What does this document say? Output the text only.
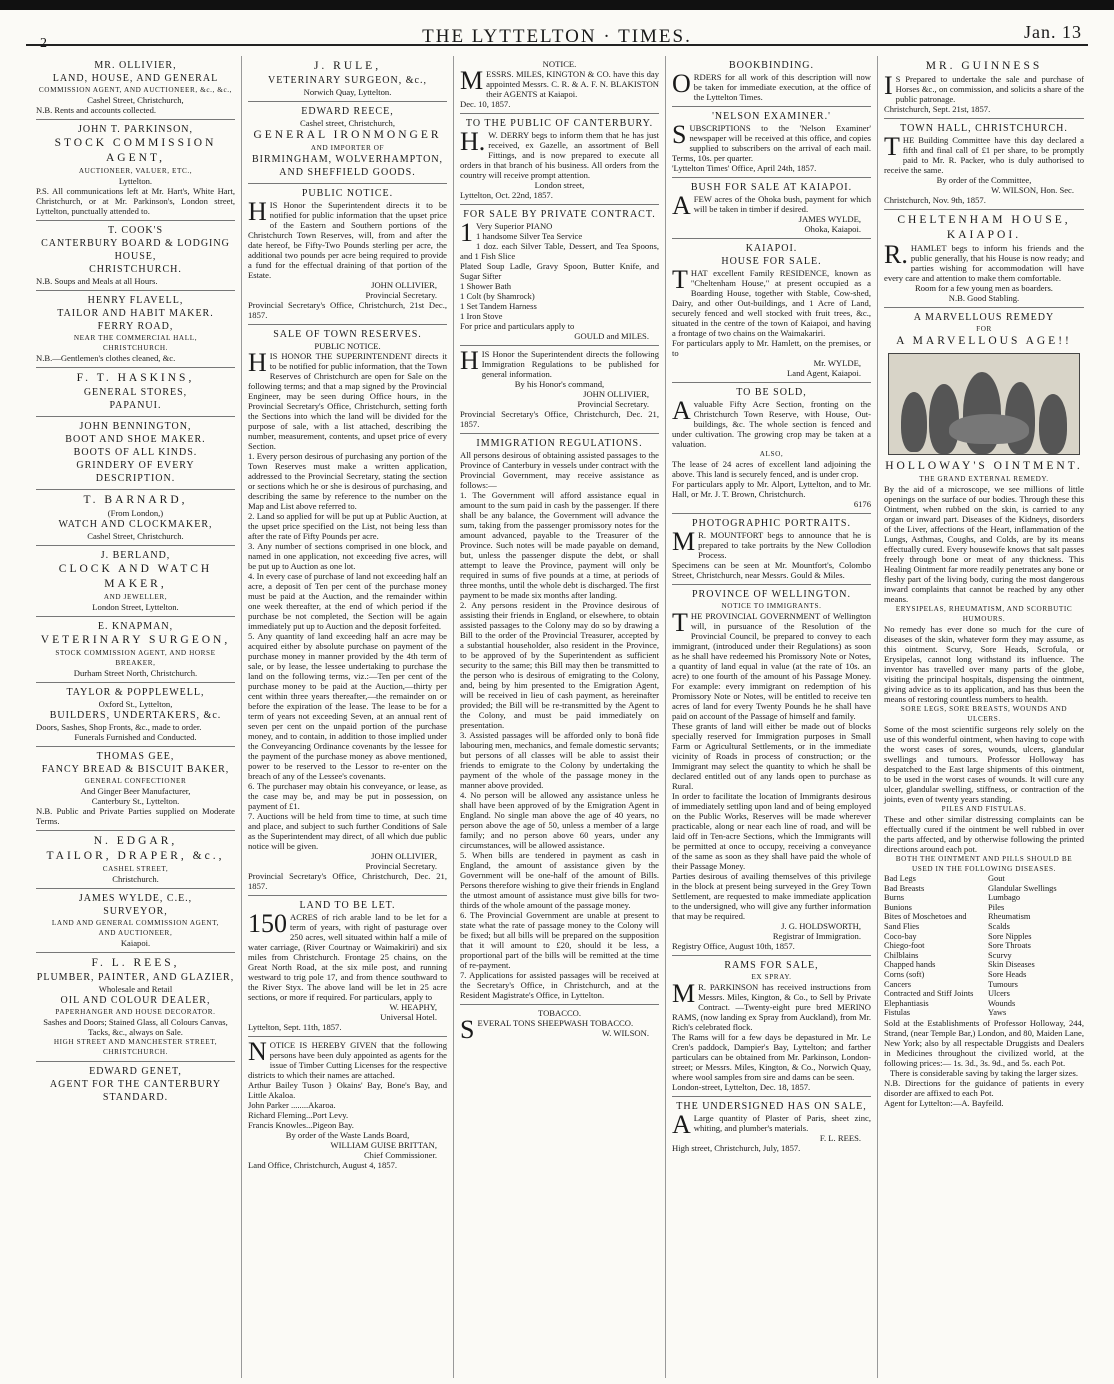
2	THE LYTTELTON · TIMES.	Jan. 13

MR. OLLIVIER,

LAND, HOUSE, AND GENERAL

COMMISSION AGENT, AND AUCTIONEER, &c., &c.,

Cashel Street, Christchurch,

N.B. Rents and accounts collected.

JOHN T. PARKINSON,

STOCK COMMISSION AGENT,

AUCTIONEER, VALUER, ETC.,

Lyttelton.

P.S. All communications left at Mr. Hart's, White Hart, Christchurch, or at Mr. Parkinson's, London street, Lyttelton, punctually attended to.

T. COOK'S

CANTERBURY BOARD & LODGING

HOUSE,

CHRISTCHURCH.

N.B. Soups and Meals at all Hours.

HENRY FLAVELL,

TAILOR AND HABIT MAKER.

FERRY ROAD,

NEAR THE COMMERCIAL HALL,

CHRISTCHURCH.

N.B.—Gentlemen's clothes cleaned, &c.

F. T. HASKINS,

GENERAL STORES,

PAPANUI.

JOHN BENNINGTON,

BOOT AND SHOE MAKER.

BOOTS OF ALL KINDS.

GRINDERY OF EVERY DESCRIPTION.

T. BARNARD,

(From London,)

WATCH AND CLOCKMAKER,

Cashel Street, Christchurch.

J. BERLAND,

CLOCK AND WATCH MAKER,

AND JEWELLER,

London Street, Lyttelton.

E. KNAPMAN,

VETERINARY SURGEON,

STOCK COMMISSION AGENT, AND HORSE BREAKER,

Durham Street North, Christchurch.

TAYLOR & POPPLEWELL,

Oxford St., Lyttelton,

BUILDERS, UNDERTAKERS, &c.

Doors, Sashes, Shop Fronts, &c., made to order.

Funerals Furnished and Conducted.

THOMAS GEE,

FANCY BREAD & BISCUIT BAKER,

GENERAL CONFECTIONER

And Ginger Beer Manufacturer,

Canterbury St., Lyttelton.

N.B. Public and Private Parties supplied on Moderate Terms.

N. EDGAR,

TAILOR, DRAPER, &c.,

CASHEL STREET,

Christchurch.

JAMES WYLDE, C.E.,

SURVEYOR,

LAND AND GENERAL COMMISSION AGENT,

AND AUCTIONEER,

Kaiapoi.

F. L. REES,

PLUMBER, PAINTER, AND GLAZIER,

Wholesale and Retail

OIL AND COLOUR DEALER,

PAPERHANGER AND HOUSE DECORATOR.

Sashes and Doors; Stained Glass, all Colours Canvas, Tacks, &c., always on Sale.

HIGH STREET AND MANCHESTER STREET, CHRISTCHURCH.

EDWARD GENET,

AGENT FOR THE CANTERBURY STANDARD.

J. RULE,

VETERINARY SURGEON, &c.,

Norwich Quay, Lyttelton.

EDWARD REECE,

Cashel street, Christchurch,

GENERAL IRONMONGER

AND IMPORTER OF

BIRMINGHAM, WOLVERHAMPTON, AND SHEFFIELD GOODS.

PUBLIC NOTICE.

HIS Honor the Superintendent directs it to be notified for public information that the upset price of the Eastern and Southern portions of the Christchurch Town Reserves, will, from and after the date hereof, be Fifty-Two Pounds sterling per acre, the additional two pounds per acre being required to provide a fund for the effectual draining of that portion of the Estate.

JOHN OLLIVIER,

Provincial Secretary.

Provincial Secretary's Office, Christchurch, 21st Dec., 1857.

SALE OF TOWN RESERVES.

PUBLIC NOTICE.

HIS HONOR THE SUPERINTENDENT directs it to be notified for public information, that the Town Reserves of Christchurch are open for Sale on the following terms; and that a map signed by the Provincial Engineer, may be seen during Office hours, in the Provincial Secretary's Office, Christchurch, setting forth the Sections into which the land will be divided for the purpose of sale, with a list attached, describing the number, measurement, contents, and upset price of every Section.

1. Every person desirous of purchasing any portion of the Town Reserves must make a written application, addressed to the Provincial Secretary, stating the section or sections which he or she is desirous of purchasing, and describing the same by reference to the number on the Map and List above referred to.

2. Land so applied for will be put up at Public Auction, at the upset price specified on the List, not being less than after the rate of Fifty Pounds per acre.

3. Any number of sections comprised in one block, and named in one application, not exceeding five acres, will be put up to Auction as one lot.

4. In every case of purchase of land not exceeding half an acre, a deposit of Ten per cent of the purchase money must be paid at the Auction, and the remainder within one week thereafter, at the end of which period if the purchase be not completed, the Section will be again immediately put up to Auction and the deposit forfeited.

5. Any quantity of land exceeding half an acre may be acquired either by absolute purchase on payment of the purchase money in manner provided by the 4th term of sale, or by lease, the lessee undertaking to purchase the land on the following terms, viz.:—Ten per cent of the purchase money to be paid at the Auction,—thirty per cent within three years thereafter,—the remainder on or before the expiration of the lease. The lease to be for a term of years not exceeding Seven, at an annual rent of seven per cent on the unpaid portion of the purchase money, and to contain, in addition to those implied under the Conveyancing Ordinance covenants by the lessee for the payment of the purchase money as above mentioned, power to be reserved to the Lessor to re-enter on the breach of any of the Lessee's covenants.

6. The purchaser may obtain his conveyance, or lease, as the case may be, and may be put in possession, on payment of £1.

7. Auctions will be held from time to time, at such time and place, and subject to such further Conditions of Sale as the Superintendent may direct, of all which due public notice will be given.

JOHN OLLIVIER,

Provincial Secretary.

Provincial Secretary's Office, Christchurch, Dec. 21, 1857.

LAND TO BE LET.

150 ACRES of rich arable land to be let for a term of years, with right of pasturage over 250 acres, well situated within half a mile of water carriage, (River Courtnay or Waimakiriri) and six miles from Christchurch. Frontage 25 chains, on the Great North Road, at the six mile post, and running westward to trig pole 17, and from thence southward to the River Styx. The above land will be let in 25 acre sections, or more if required. For particulars, apply to

W. HEAPHY,

Universal Hotel.

Lyttelton, Sept. 11th, 1857.

NOTICE IS HEREBY GIVEN that the following persons have been duly appointed as agents for the issue of Timber Cutting Licenses for the respective districts to which their names are attached.

Arthur Bailey Tuson } Okains' Bay, Bone's Bay, and Little Akaloa.

John Parker ........Akaroa.

Richard Fleming...Port Levy.

Francis Knowles...Pigeon Bay.

By order of the Waste Lands Board,

WILLIAM GUISE BRITTAN,

Chief Commissioner.

Land Office, Christchurch, August 4, 1857.

NOTICE.

MESSRS. MILES, KINGTON & CO. have this day appointed Messrs. C. R. & A. F. N. BLAKISTON their AGENTS at Kaiapoi.

Dec. 10, 1857.

TO THE PUBLIC OF CANTERBURY.

H. W. DERRY begs to inform them that he has just received, ex Gazelle, an assortment of Bell Fittings, and is now prepared to execute all orders in that branch of his business. All orders from the country will receive prompt attention.

London street,

Lyttelton, Oct. 22nd, 1857.

FOR SALE BY PRIVATE CONTRACT.

1 Very Superior PIANO

1 handsome Silver Tea Service

1 doz. each Silver Table, Dessert, and Tea Spoons, and 1 Fish Slice

Plated Soup Ladle, Gravy Spoon, Butter Knife, and Sugar Sifter

1 Shower Bath

1 Colt (by Shamrock)

1 Set Tandem Harness

1 Iron Stove

For price and particulars apply to

GOULD and MILES.

HIS Honor the Superintendent directs the following Immigration Regulations to be published for general information.

By his Honor's command,

JOHN OLLIVIER,

Provincial Secretary.

Provincial Secretary's Office, Christchurch, Dec. 21, 1857.

IMMIGRATION REGULATIONS.

All persons desirous of obtaining assisted passages to the Province of Canterbury in vessels under contract with the Provincial Government, may receive assistance as follows:—

1. The Government will afford assistance equal in amount to the sum paid in cash by the passenger. If there shall be any balance, the Government will advance the sum, taking from the passenger promissory notes for the amount advanced, payable to the Treasurer of the Province. Such notes will be made payable on demand, but, unless the passenger dispute the debt, or shall attempt to leave the Province, payment will only be required in sums of five pounds at a time, at periods of three months, until the whole debt is discharged. The first payment to be made six months after landing.

2. Any persons resident in the Province desirous of assisting their friends in England, or elsewhere, to obtain assisted passages to the Colony may do so by drawing a Bill to the order of the Provincial Treasurer, accepted by a substantial householder, also resident in the Province, to be approved of by the Superintendent as sufficient security to the same; this Bill may then be transmitted to the person who is desirous of emigrating to the Colony, and, being by him presented to the Emigration Agent, will be received in lieu of cash payment, as hereinafter provided; the Bill will be re-transmitted by the Agent to the Colony, and must be paid immediately on presentation.

3. Assisted passages will be afforded only to bonâ fide labouring men, mechanics, and female domestic servants; but persons of all classes will be able to assist their friends to emigrate to the Colony by undertaking the payment of the whole of the passage money in the manner above provided.

4. No person will be allowed any assistance unless he shall have been approved of by the Emigration Agent in England. No single man above the age of 40 years, no person above the age of 50, unless a member of a large family; and no person above 60 years, under any circumstances, will be allowed assistance.

5. When bills are tendered in payment as cash in England, the amount of assistance given by the Government will be one-half of the amount of Bills. Persons therefore wishing to give their friends in England the utmost amount of assistance must give bills for two-thirds of the whole amount of the passage money.

6. The Provincial Government are unable at present to state what the rate of passage money to the Colony will be fixed; but all bills will be prepared on the supposition that it will amount to £20, should it be less, a proportional part of the bills will be remitted at the time of re-payment.

7. Applications for assisted passages will be received at the Secretary's Office, in Christchurch, and at the Resident Magistrate's Office, in Lyttelton.

TOBACCO.

SEVERAL TONS SHEEPWASH TOBACCO.

W. WILSON.

BOOKBINDING.

ORDERS for all work of this description will now be taken for immediate execution, at the office of the Lyttelton Times.

'NELSON EXAMINER.'

SUBSCRIPTIONS to the 'Nelson Examiner' newspaper will be received at this office, and copies supplied to subscribers on the arrival of each mail. Terms, 10s. per quarter.

'Lyttelton Times' Office, April 24th, 1857.

BUSH FOR SALE AT KAIAPOI.

AFEW acres of the Ohoka bush, payment for which will be taken in timber if desired.

JAMES WYLDE,

Ohoka, Kaiapoi.

KAIAPOI.

HOUSE FOR SALE.

THAT excellent Family RESIDENCE, known as "Cheltenham House," at present occupied as a Boarding House, together with Stable, Cow-shed, Dairy, and other Out-buildings, and 1 Acre of Land, securely fenced and well stocked with fruit trees, &c., situated in the centre of the town of Kaiapoi, and having a frontage of two chains on the Waimakariri.

For particulars apply to Mr. Hamlett, on the premises, or to

Mr. WYLDE,

Land Agent, Kaiapoi.

TO BE SOLD,

Avaluable Fifty Acre Section, fronting on the Christchurch Town Reserve, with House, Out-buildings, &c. The whole section is fenced and under cultivation. The growing crop may be taken at a valuation.

ALSO,

The lease of 24 acres of excellent land adjoining the above. This land is securely fenced, and is under crop.

For particulars apply to Mr. Alport, Lyttelton, and to Mr. Hall, or Mr. J. T. Brown, Christchurch.

6176

PHOTOGRAPHIC PORTRAITS.

M R. MOUNTFORT begs to announce that he is prepared to take portraits by the New Collodion Process.

Specimens can be seen at Mr. Mountfort's, Colombo Street, Christchurch, near Messrs. Gould & Miles.

PROVINCE OF WELLINGTON.

NOTICE TO IMMIGRANTS.

THE PROVINCIAL GOVERNMENT of Wellington will, in pursuance of the Resolution of the Provincial Council, be prepared to convey to each immigrant, (introduced under their Regulations) as soon as he shall have redeemed his Promissory Note or Notes, a quantity of land equal in value (at the rate of 10s. an acre) to one fourth of the amount of his Passage Money. For example: every immigrant on redemption of his Promissory Note or Notes, will be entitled to receive ten acres of land for every Twenty Pounds he he shall have paid on account of the Passage of himself and family.

These grants of land will either be made out of blocks specially reserved for Immigration purposes in Small Farm or Agricultural Settlements, or in the immediate vicinity of Roads in process of construction; or the Immigrant may select the quantity to which he shall be declared entitled out of any lands open to purchase as Rural.

In order to facilitate the location of Immigrants desirous of immediately settling upon land and of being employed on the Public Works, Reserves will be made wherever practicable, along or near each line of road, and will be laid off in Ten-acre Sections, which the Immigrants will be permitted at once to occupy, receiving a conveyance of the same as soon as they shall have paid the whole of their Passage Money.

Parties desirous of availing themselves of this privilege in the block at present being surveyed in the Grey Town Settlement, are requested to make immediate application to the undersigned, who will give any further information that may be required.

J. G. HOLDSWORTH,

Registrar of Immigration.

Registry Office, August 10th, 1857.

RAMS FOR SALE,

EX SPRAY.

M R. PARKINSON has received instructions from Messrs. Miles, Kington, & Co., to Sell by Private Contract. —Twenty-eight pure bred MERINO RAMS, (now landing ex Spray from Auckland), from Mr. Rich's celebrated flock.

The Rams will for a few days be depastured in Mr. Le Cren's paddock, Dampier's Bay, Lyttelton; and farther particulars can be obtained from Mr. Parkinson, London-street; or Messrs. Miles, Kington, & Co., Norwich Quay, where wool samples from sire and dams can be seen.

London-street, Lyttelton, Dec. 18, 1857.

THE UNDERSIGNED HAS ON SALE,

A Large quantity of Plaster of Paris, sheet zinc, whiting, and plumber's materials.

F. L. REES.

High street, Christchurch, July, 1857.

MR. GUINNESS

I S Prepared to undertake the sale and purchase of Horses &c., on commission, and solicits a share of the public patronage.

Christchurch, Sept. 21st, 1857.

TOWN HALL, CHRISTCHURCH.

THE Building Committee have this day declared a fifth and final call of £1 per share, to be promptly paid to Mr. R. Packer, who is duly authorised to receive the same.

By order of the Committee,

W. WILSON, Hon. Sec.

Christchurch, Nov. 9th, 1857.

CHELTENHAM HOUSE,

KAIAPOI.

R. HAMLET begs to inform his friends and the public generally, that his House is now ready; and parties wishing for accommodation will have every care and attention to make them comfortable.

Room for a few young men as boarders.

N.B. Good Stabling.

A MARVELLOUS REMEDY

FOR

A MARVELLOUS AGE!!

HOLLOWAY'S OINTMENT.

THE GRAND EXTERNAL REMEDY.

By the aid of a microscope, we see millions of little openings on the surface of our bodies. Through these this Ointment, when rubbed on the skin, is carried to any organ or inward part. Diseases of the Kidneys, disorders of the Liver, affections of the Heart, inflammation of the Lungs, Asthmas, Coughs, and Colds, are by its means effectually cured. Every housewife knows that salt passes freely through bone or meat of any thickness. This Healing Ointment far more readily penetrates any bone or fleshy part of the living body, curing the most dangerous inward complaints that cannot be reached by any other means.

ERYSIPELAS, RHEUMATISM, AND SCORBUTIC HUMOURS.

No remedy has ever done so much for the cure of diseases of the skin, whatever form they may assume, as this ointment. Scurvy, Sore Heads, Scrofula, or Erysipelas, cannot long withstand its influence. The inventor has travelled over many parts of the globe, visiting the principal hospitals, dispensing the ointment, giving advice as to its application, and has thus been the means of restoring countless numbers to health.

SORE LEGS, SORE BREASTS, WOUNDS AND ULCERS.

Some of the most scientific surgeons rely solely on the use of this wonderful ointment, when having to cope with the worst cases of sores, wounds, ulcers, glandular swellings and tumours. Professor Holloway has despatched to the East large shipments of this ointment, to be used in the worst cases of wounds. It will cure any ulcer, glandular swelling, stiffness, or contraction of the joints, even of twenty years standing.

PILES AND FISTULAS.

These and other similar distressing complaints can be effectually cured if the ointment be well rubbed in over the parts affected, and by otherwise following the printed directions around each pot.

BOTH THE OINTMENT AND PILLS SHOULD BE USED IN THE FOLLOWING DISEASES.

Bad Legs
Bad Breasts
Burns
Bunions
Bites of Moschetoes and Sand Flies
Coco-bay
Chiego-foot
Chilblains
Chapped hands
Corns (soft)
Cancers
Contracted and Stiff Joints
Elephantiasis
Fistulas
Gout
Glandular Swellings
Lumbago
Piles
Rheumatism
Scalds
Sore Nipples
Sore Throats
Scurvy
Skin Diseases
Sore Heads
Tumours
Ulcers
Wounds
Yaws

Sold at the Establishments of Professor Holloway, 244, Strand, (near Temple Bar,) London, and 80, Maiden Lane, New York; also by all respectable Druggists and Dealers in Medicines throughout the civilized world, at the following prices:— 1s. 3d., 3s. 9d., and 5s. each Pot.

There is considerable saving by taking the larger sizes.

N.B. Directions for the guidance of patients in every disorder are affixed to each Pot.

Agent for Lyttelton:—A. Bayfeild.
